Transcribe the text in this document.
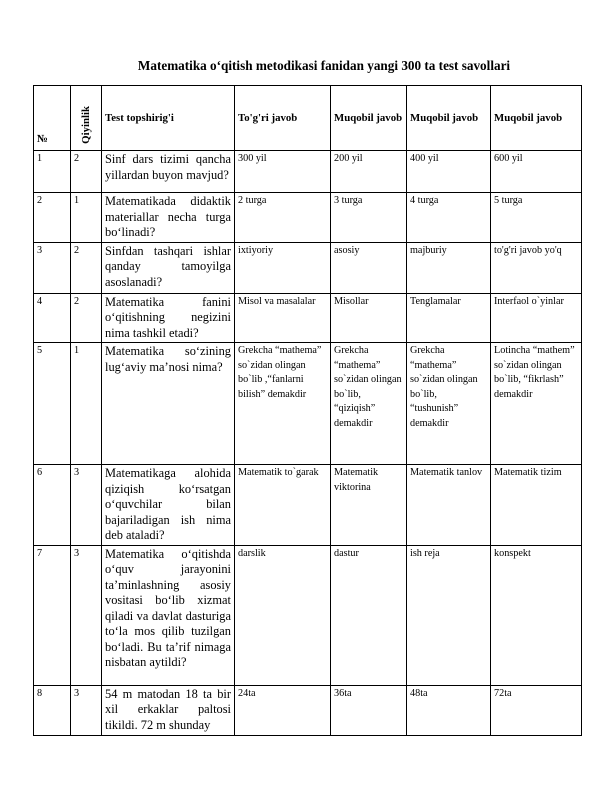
Matematika o‘qitish metodikasi fanidan yangi 300 ta test savollari
№	Qiyinlik	Test topshirig'i	To'g'ri javob	Muqobil javob	Muqobil javob	Muqobil javob
1	2	Sinf dars tizimi qancha yillardan buyon mavjud?	300 yil	200 yil	400 yil	600 yil
2	1	Matematikada didaktik materiallar necha turga bo‘linadi?	2 turga	3 turga	4 turga	5 turga
3	2	Sinfdan tashqari ishlar qanday tamoyilga asoslanadi?	ixtiyoriy	asosiy	majburiy	to'g'ri javob yo'q
4	2	Matematika fanini o‘qitishning negizini nima tashkil etadi?	Misol va masalalar	Misollar	Tenglamalar	Interfaol o`yinlar
5	1	Matematika so‘zining lug‘aviy ma’nosi nima?	Grekcha “mathema” so`zidan olingan bo`lib ,“fanlarni bilish” demakdir	Grekcha “mathema” so`zidan olingan bo`lib, “qiziqish” demakdir	Grekcha “mathema” so`zidan olingan bo`lib, “tushunish” demakdir	Lotincha “mathem” so`zidan olingan bo`lib, “fikrlash” demakdir
6	3	Matematikaga alohida qiziqish ko‘rsatgan o‘quvchilar bilan bajariladigan ish nima deb ataladi?	Matematik to`garak	Matematik viktorina	Matematik tanlov	Matematik tizim
7	3	Matematika o‘qitishda o‘quv jarayonini ta’minlashning asosiy vositasi bo‘lib xizmat qiladi va davlat dasturiga to‘la mos qilib tuzilgan bo‘ladi. Bu ta’rif nimaga nisbatan aytildi?	darslik	dastur	ish reja	konspekt
8	3	54 m matodan 18 ta bir xil erkaklar paltosi tikildi. 72 m shunday	24ta	36ta	48ta	72ta
